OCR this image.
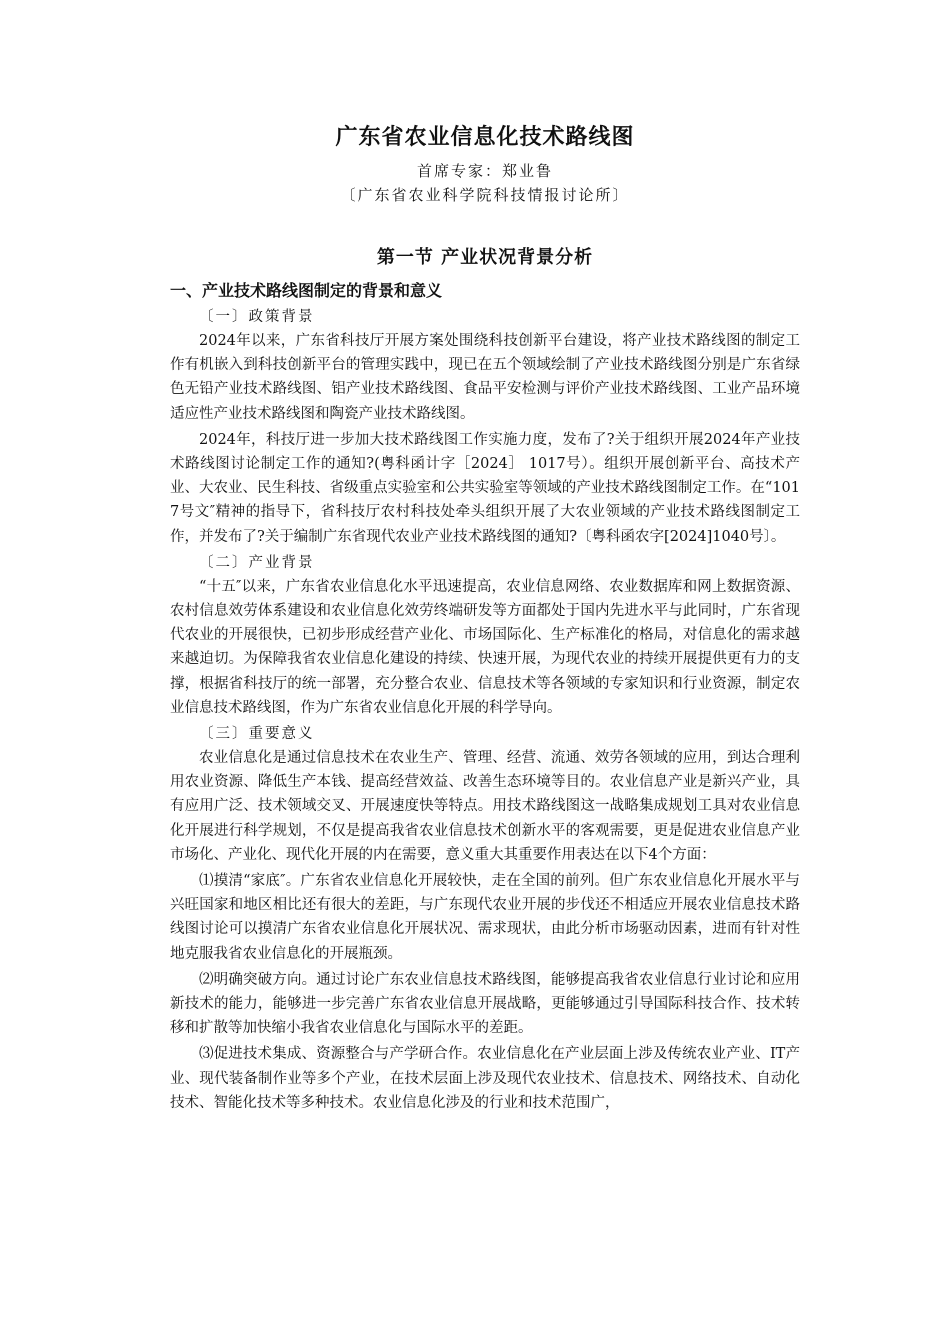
广东省农业信息化技术路线图

首席专家：郑业鲁

〔广东省农业科学院科技情报讨论所〕

第一节 产业状况背景分析
一、产业技术路线图制定的背景和意义

〔一〕政策背景

2024年以来，广东省科技厅开展方案处围绕科技创新平台建设，将产业技术路线图的制定工作有机嵌入到科技创新平台的管理实践中，现已在五个领域绘制了产业技术路线图分别是广东省绿色无铅产业技术路线图、铝产业技术路线图、食品平安检测与评价产业技术路线图、工业产品环境适应性产业技术路线图和陶瓷产业技术路线图。

2024年，科技厅进一步加大技术路线图工作实施力度，发布了?关于组织开展2024年产业技术路线图讨论制定工作的通知?(粤科函计字［2024］ 1017号）。组织开展创新平台、高技术产业、大农业、民生科技、省级重点实验室和公共实验室等领域的产业技术路线图制定工作。在“1017号文″精神的指导下，省科技厅农村科技处牵头组织开展了大农业领域的产业技术路线图制定工作，并发布了?关于编制广东省现代农业产业技术路线图的通知?〔粤科函农字[2024]1040号〕。

〔二〕产业背景

“十五″以来，广东省农业信息化水平迅速提高，农业信息网络、农业数据库和网上数据资源、农村信息效劳体系建设和农业信息化效劳终端研发等方面都处于国内先进水平与此同时，广东省现代农业的开展很快，已初步形成经营产业化、市场国际化、生产标准化的格局，对信息化的需求越来越迫切。为保障我省农业信息化建设的持续、快速开展，为现代农业的持续开展提供更有力的支撑，根据省科技厅的统一部署，充分整合农业、信息技术等各领域的专家知识和行业资源，制定农业信息技术路线图，作为广东省农业信息化开展的科学导向。

〔三〕重要意义

农业信息化是通过信息技术在农业生产、管理、经营、流通、效劳各领域的应用，到达合理利用农业资源、降低生产本钱、提高经营效益、改善生态环境等目的。农业信息产业是新兴产业，具有应用广泛、技术领域交叉、开展速度快等特点。用技术路线图这一战略集成规划工具对农业信息化开展进行科学规划，不仅是提高我省农业信息技术创新水平的客观需要，更是促进农业信息产业市场化、产业化、现代化开展的内在需要，意义重大其重要作用表达在以下4个方面：

⑴摸清“家底″。广东省农业信息化开展较快，走在全国的前列。但广东农业信息化开展水平与兴旺国家和地区相比还有很大的差距，与广东现代农业开展的步伐还不相适应开展农业信息技术路线图讨论可以摸清广东省农业信息化开展状况、需求现状，由此分析市场驱动因素，进而有针对性地克服我省农业信息化的开展瓶颈。

⑵明确突破方向。通过讨论广东农业信息技术路线图，能够提高我省农业信息行业讨论和应用新技术的能力，能够进一步完善广东省农业信息开展战略，更能够通过引导国际科技合作、技术转移和扩散等加快缩小我省农业信息化与国际水平的差距。

⑶促进技术集成、资源整合与产学研合作。农业信息化在产业层面上涉及传统农业产业、IT产业、现代装备制作业等多个产业，在技术层面上涉及现代农业技术、信息技术、网络技术、自动化技术、智能化技术等多种技术。农业信息化涉及的行业和技术范围广，
